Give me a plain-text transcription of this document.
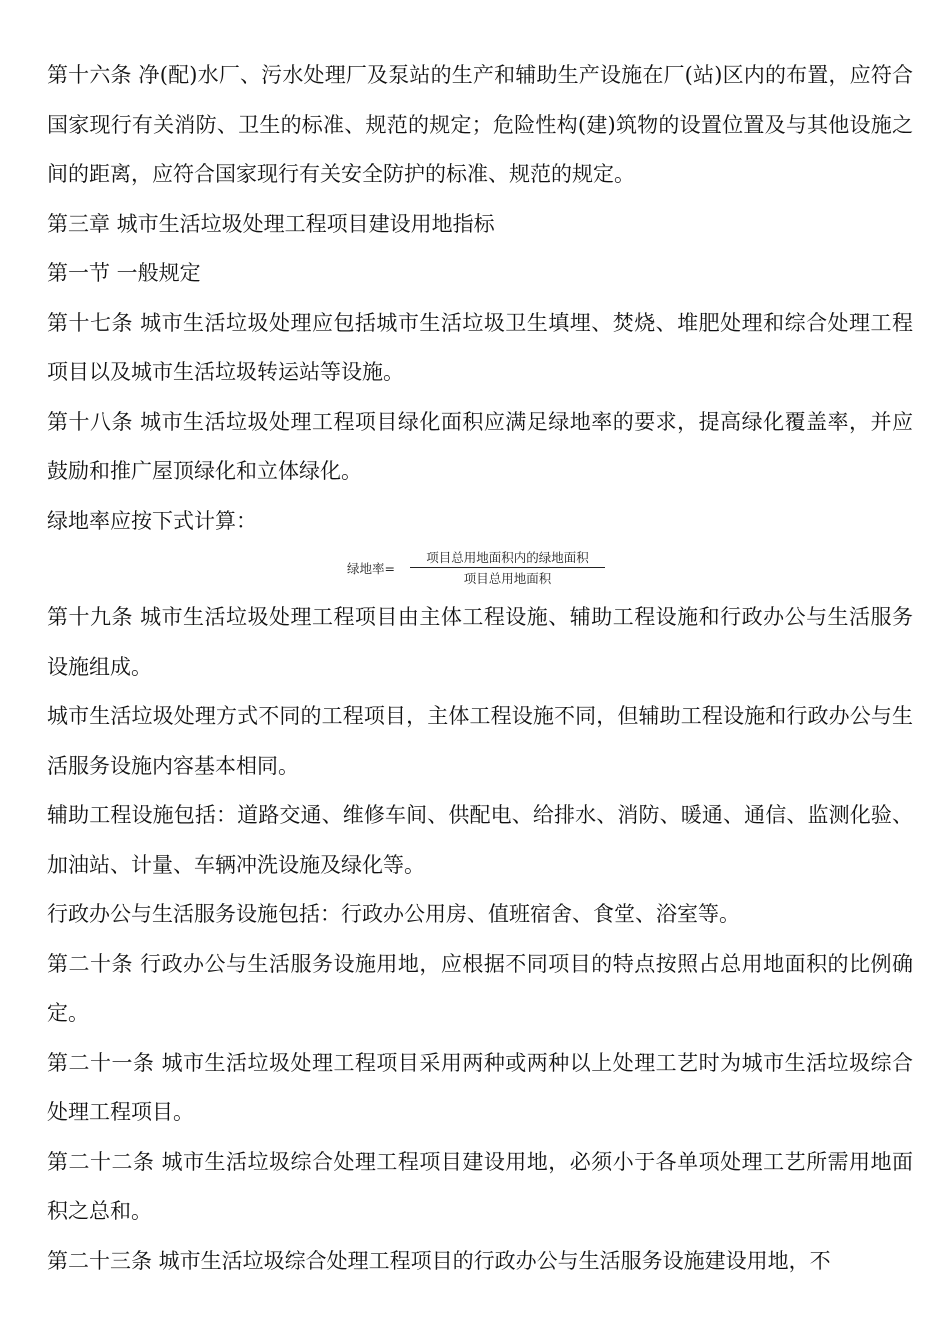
第十六条 净(配)水厂、污水处理厂及泵站的生产和辅助生产设施在厂(站)区内的布置，应符合国家现行有关消防、卫生的标准、规范的规定；危险性构(建)筑物的设置位置及与其他设施之间的距离，应符合国家现行有关安全防护的标准、规范的规定。

第三章 城市生活垃圾处理工程项目建设用地指标

第一节 一般规定

第十七条 城市生活垃圾处理应包括城市生活垃圾卫生填埋、焚烧、堆肥处理和综合处理工程项目以及城市生活垃圾转运站等设施。

第十八条 城市生活垃圾处理工程项目绿化面积应满足绿地率的要求，提高绿化覆盖率，并应鼓励和推广屋顶绿化和立体绿化。

绿地率应按下式计算：

绿地率=
项目总用地面积内的绿地面积
项目总用地面积

第十九条 城市生活垃圾处理工程项目由主体工程设施、辅助工程设施和行政办公与生活服务设施组成。

城市生活垃圾处理方式不同的工程项目，主体工程设施不同，但辅助工程设施和行政办公与生活服务设施内容基本相同。

辅助工程设施包括：道路交通、维修车间、供配电、给排水、消防、暖通、通信、监测化验、加油站、计量、车辆冲洗设施及绿化等。

行政办公与生活服务设施包括：行政办公用房、值班宿舍、食堂、浴室等。

第二十条 行政办公与生活服务设施用地，应根据不同项目的特点按照占总用地面积的比例确定。

第二十一条 城市生活垃圾处理工程项目采用两种或两种以上处理工艺时为城市生活垃圾综合处理工程项目。

第二十二条 城市生活垃圾综合处理工程项目建设用地，必须小于各单项处理工艺所需用地面积之总和。

第二十三条 城市生活垃圾综合处理工程项目的行政办公与生活服务设施建设用地，不
